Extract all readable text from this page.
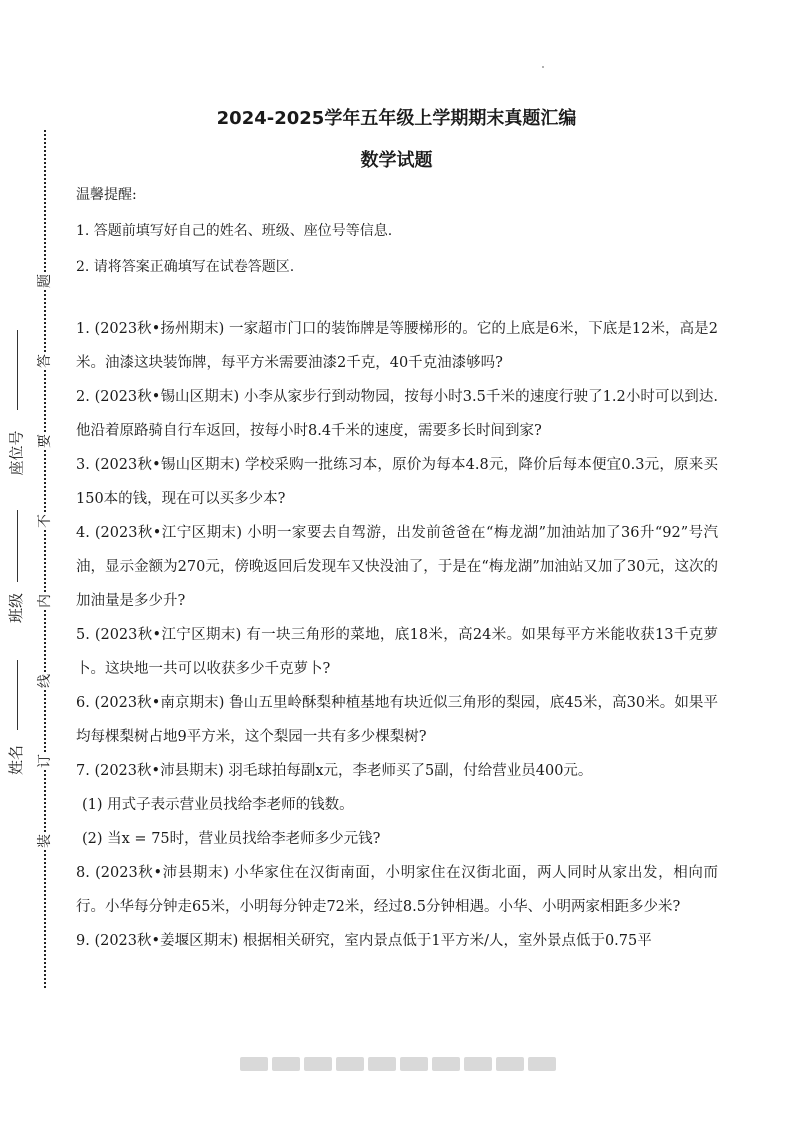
题
答
要
不
内
线
订
装
座位号
班级
姓名
2024-2025学年五年级上学期期末真题汇编
数学试题

温馨提醒:

1. 答题前填写好自己的姓名、班级、座位号等信息.

2. 请将答案正确填写在试卷答题区.

1. (2023秋•扬州期末) 一家超市门口的装饰牌是等腰梯形的。它的上底是6米，下底是12米，高是2米。油漆这块装饰牌，每平方米需要油漆2千克，40千克油漆够吗?

2. (2023秋•锡山区期末) 小李从家步行到动物园，按每小时3.5千米的速度行驶了1.2小时可以到达. 他沿着原路骑自行车返回，按每小时8.4千米的速度，需要多长时间到家?

3. (2023秋•锡山区期末) 学校采购一批练习本，原价为每本4.8元，降价后每本便宜0.3元，原来买150本的钱，现在可以买多少本?

4. (2023秋•江宁区期末) 小明一家要去自驾游，出发前爸爸在“梅龙湖”加油站加了36升“92”号汽油，显示金额为270元，傍晚返回后发现车又快没油了，于是在“梅龙湖”加油站又加了30元，这次的加油量是多少升?

5. (2023秋•江宁区期末) 有一块三角形的菜地，底18米，高24米。如果每平方米能收获13千克萝卜。这块地一共可以收获多少千克萝卜?

6. (2023秋•南京期末) 鲁山五里岭酥梨种植基地有块近似三角形的梨园，底45米，高30米。如果平均每棵梨树占地9平方米，这个梨园一共有多少棵梨树?

7. (2023秋•沛县期末) 羽毛球拍每副x元，李老师买了5副，付给营业员400元。

(1) 用式子表示营业员找给李老师的钱数。

(2) 当x = 75时，营业员找给李老师多少元钱?

8. (2023秋•沛县期末) 小华家住在汉街南面，小明家住在汉街北面，两人同时从家出发，相向而行。小华每分钟走65米，小明每分钟走72米，经过8.5分钟相遇。小华、小明两家相距多少米?

9. (2023秋•姜堰区期末) 根据相关研究，室内景点低于1平方米/人，室外景点低于0.75平
